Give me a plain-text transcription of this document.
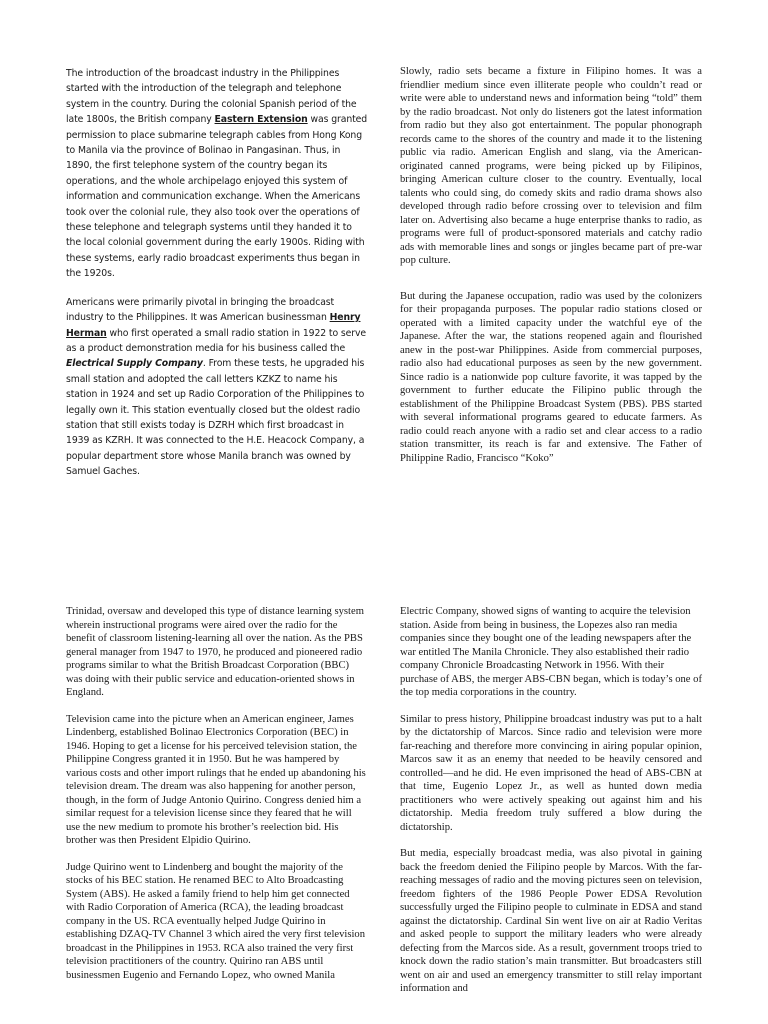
The introduction of the broadcast industry in the Philippines started with the introduction of the telegraph and telephone system in the country. During the colonial Spanish period of the late 1800s, the British company Eastern Extension was granted permission to place submarine telegraph cables from Hong Kong to Manila via the province of Bolinao in Pangasinan. Thus, in 1890, the first telephone system of the country began its operations, and the whole archipelago enjoyed this system of information and communication exchange. When the Americans took over the colonial rule, they also took over the operations of these telephone and telegraph systems until they handed it to the local colonial government during the early 1900s. Riding with these systems, early radio broadcast experiments thus began in the 1920s.

Americans were primarily pivotal in bringing the broadcast industry to the Philippines. It was American businessman Henry Herman who first operated a small radio station in 1922 to serve as a product demonstration media for his business called the Electrical Supply Company. From these tests, he upgraded his small station and adopted the call letters KZKZ to name his station in 1924 and set up Radio Corporation of the Philippines to legally own it. This station eventually closed but the oldest radio station that still exists today is DZRH which first broadcast in 1939 as KZRH. It was connected to the H.E. Heacock Company, a popular department store whose Manila branch was owned by Samuel Gaches.

Slowly, radio sets became a fixture in Filipino homes. It was a friendlier medium since even illiterate people who couldn’t read or write were able to understand news and information being “told” them by the radio broadcast. Not only do listeners got the latest information from radio but they also got entertainment. The popular phonograph records came to the shores of the country and made it to the listening public via radio. American English and slang, via the American-originated canned programs, were being picked up by Filipinos, bringing American culture closer to the country. Eventually, local talents who could sing, do comedy skits and radio drama shows also developed through radio before crossing over to television and film later on. Advertising also became a huge enterprise thanks to radio, as programs were full of product-sponsored materials and catchy radio ads with memorable lines and songs or jingles became part of pre-war pop culture.

But during the Japanese occupation, radio was used by the colonizers for their propaganda purposes. The popular radio stations closed or operated with a limited capacity under the watchful eye of the Japanese. After the war, the stations reopened again and flourished anew in the post-war Philippines. Aside from commercial purposes, radio also had educational purposes as seen by the new government. Since radio is a nationwide pop culture favorite, it was tapped by the government to further educate the Filipino public through the establishment of the Philippine Broadcast System (PBS). PBS started with several informational programs geared to educate farmers. As radio could reach anyone with a radio set and clear access to a radio station transmitter, its reach is far and extensive. The Father of Philippine Radio, Francisco “Koko”

Trinidad, oversaw and developed this type of distance learning system wherein instructional programs were aired over the radio for the benefit of classroom listening-learning all over the nation. As the PBS general manager from 1947 to 1970, he produced and pioneered radio programs similar to what the British Broadcast Corporation (BBC) was doing with their public service and education-oriented shows in England.

Television came into the picture when an American engineer, James Lindenberg, established Bolinao Electronics Corporation (BEC) in 1946. Hoping to get a license for his perceived television station, the Philippine Congress granted it in 1950. But he was hampered by various costs and other import rulings that he ended up abandoning his television dream. The dream was also happening for another person, though, in the form of Judge Antonio Quirino. Congress denied him a similar request for a television license since they feared that he will use the new medium to promote his brother’s reelection bid. His brother was then President Elpidio Quirino.

Judge Quirino went to Lindenberg and bought the majority of the stocks of his BEC station. He renamed BEC to Alto Broadcasting System (ABS). He asked a family friend to help him get connected with Radio Corporation of America (RCA), the leading broadcast company in the US. RCA eventually helped Judge Quirino in establishing DZAQ-TV Channel 3 which aired the very first television broadcast in the Philippines in 1953. RCA also trained the very first television practitioners of the country. Quirino ran ABS until businessmen Eugenio and Fernando Lopez, who owned Manila

Electric Company, showed signs of wanting to acquire the television station. Aside from being in business, the Lopezes also ran media companies since they bought one of the leading newspapers after the war entitled The Manila Chronicle. They also established their radio company Chronicle Broadcasting Network in 1956. With their purchase of ABS, the merger ABS-CBN began, which is today’s one of the top media corporations in the country.

Similar to press history, Philippine broadcast industry was put to a halt by the dictatorship of Marcos. Since radio and television were more far-reaching and therefore more convincing in airing popular opinion, Marcos saw it as an enemy that needed to be heavily censored and controlled—and he did. He even imprisoned the head of ABS-CBN at that time, Eugenio Lopez Jr., as well as hunted down media practitioners who were actively speaking out against him and his dictatorship. Media freedom truly suffered a blow during the dictatorship.

But media, especially broadcast media, was also pivotal in gaining back the freedom denied the Filipino people by Marcos. With the far-reaching messages of radio and the moving pictures seen on television, freedom fighters of the 1986 People Power EDSA Revolution successfully urged the Filipino people to culminate in EDSA and stand against the dictatorship. Cardinal Sin went live on air at Radio Veritas and asked people to support the military leaders who were already defecting from the Marcos side. As a result, government troops tried to knock down the radio station’s main transmitter. But broadcasters still went on air and used an emergency transmitter to still relay important information and
